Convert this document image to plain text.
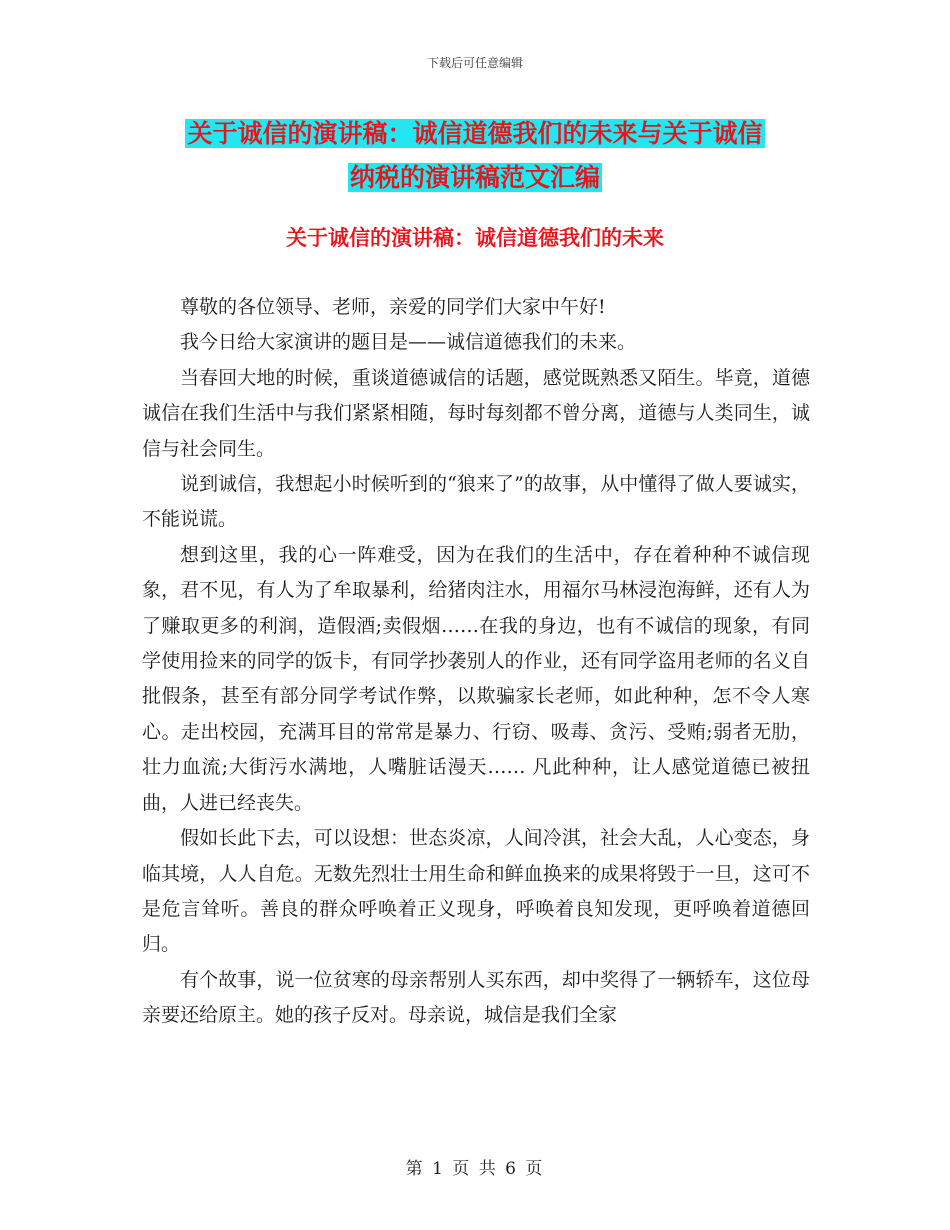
下载后可任意编辑
关于诚信的演讲稿：诚信道德我们的未来与关于诚信
纳税的演讲稿范文汇编
关于诚信的演讲稿：诚信道德我们的未来

尊敬的各位领导、老师，亲爱的同学们大家中午好!

我今日给大家演讲的题目是——诚信道德我们的未来。

当春回大地的时候，重谈道德诚信的话题，感觉既熟悉又陌生。毕竟，道德诚信在我们生活中与我们紧紧相随，每时每刻都不曾分离，道德与人类同生，诚信与社会同生。

说到诚信，我想起小时候听到的“狼来了”的故事，从中懂得了做人要诚实，不能说谎。

想到这里，我的心一阵难受，因为在我们的生活中，存在着种种不诚信现象，君不见，有人为了牟取暴利，给猪肉注水，用福尔马林浸泡海鲜，还有人为了赚取更多的利润，造假酒;卖假烟……在我的身边，也有不诚信的现象，有同学使用捡来的同学的饭卡，有同学抄袭别人的作业，还有同学盗用老师的名义自批假条，甚至有部分同学考试作弊，以欺骗家长老师，如此种种，怎不令人寒心。走出校园，充满耳目的常常是暴力、行窃、吸毒、贪污、受贿;弱者无肋，壮力血流;大街污水满地，人嘴脏话漫天…… 凡此种种，让人感觉道德已被扭曲，人进已经丧失。

假如长此下去，可以设想：世态炎凉，人间冷淇，社会大乱，人心变态，身临其境，人人自危。无数先烈壮士用生命和鲜血换来的成果将毁于一旦，这可不是危言耸听。善良的群众呼唤着正义现身，呼唤着良知发现，更呼唤着道德回归。

有个故事，说一位贫寒的母亲帮别人买东西，却中奖得了一辆轿车，这位母亲要还给原主。她的孩子反对。母亲说，城信是我们全家

第 1 页 共 6 页
